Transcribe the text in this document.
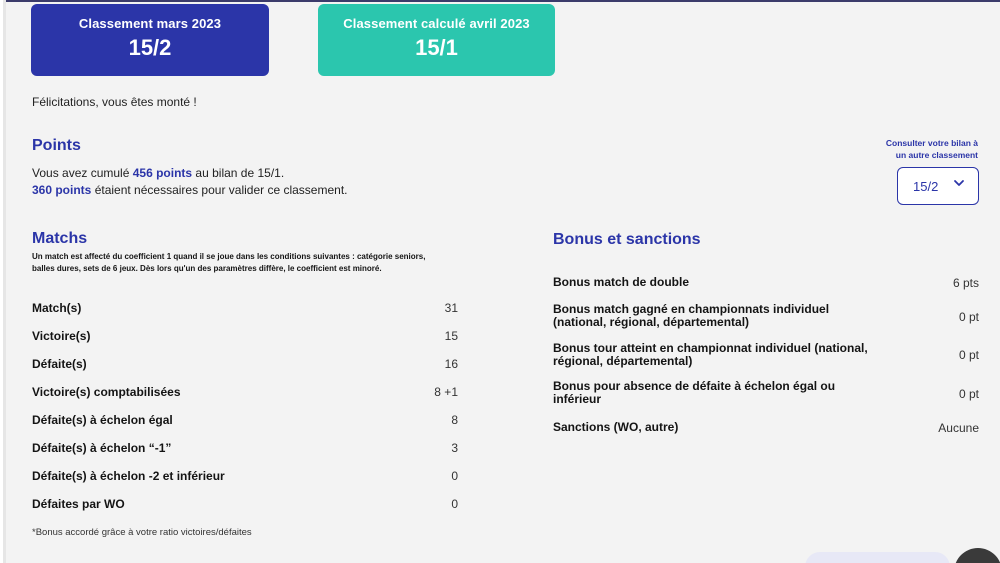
Classement mars 2023
15/2
Classement calculé avril 2023
15/1
Félicitations, vous êtes monté !
Points
Vous avez cumulé 456 points au bilan de 15/1.
360 points étaient nécessaires pour valider ce classement.
Consulter votre bilan à
un autre classement
15/2
Matchs
Un match est affecté du coefficient 1 quand il se joue dans les conditions suivantes : catégorie seniors, balles dures, sets de 6 jeux. Dès lors qu'un des paramètres diffère, le coefficient est minoré.
Match(s)	31
Victoire(s)	15
Défaite(s)	16
Victoire(s) comptabilisées	8 +1
Défaite(s) à échelon égal	8
Défaite(s) à échelon “-1”	3
Défaite(s) à échelon -2 et inférieur	0
Défaites par WO	0
*Bonus accordé grâce à votre ratio victoires/défaites
Bonus et sanctions
Bonus match de double	6 pts
Bonus match gagné en championnats individuel (national, régional, départemental)	0 pt
Bonus tour atteint en championnat individuel (national, régional, départemental)	0 pt
Bonus pour absence de défaite à échelon égal ou inférieur	0 pt
Sanctions (WO, autre)	Aucune
